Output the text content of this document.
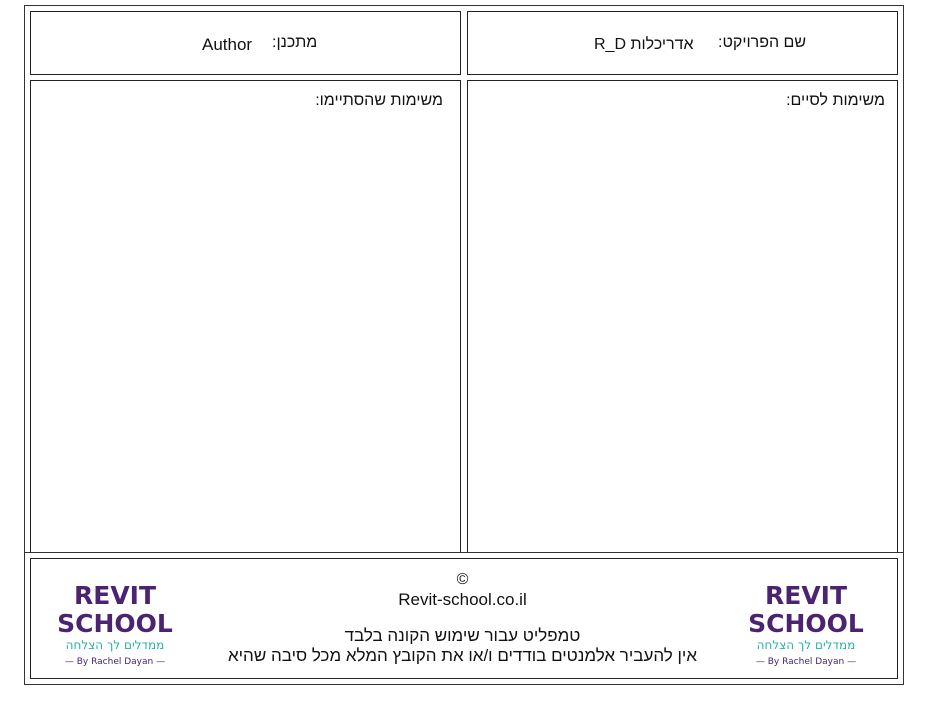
שם הפרויקט:
אדריכלות R_D
מתכנן:
Author
משימות לסיים:
משימות שהסתיימו:
©
Revit-school.co.il
טמפליט עבור שימוש הקונה בלבד
אין להעביר אלמנטים בודדים ו/או את הקובץ המלא מכל סיבה שהיא
REVIT
SCHOOL
ממדלים לך הצלחה
— By Rachel Dayan —
REVIT
SCHOOL
ממדלים לך הצלחה
— By Rachel Dayan —
